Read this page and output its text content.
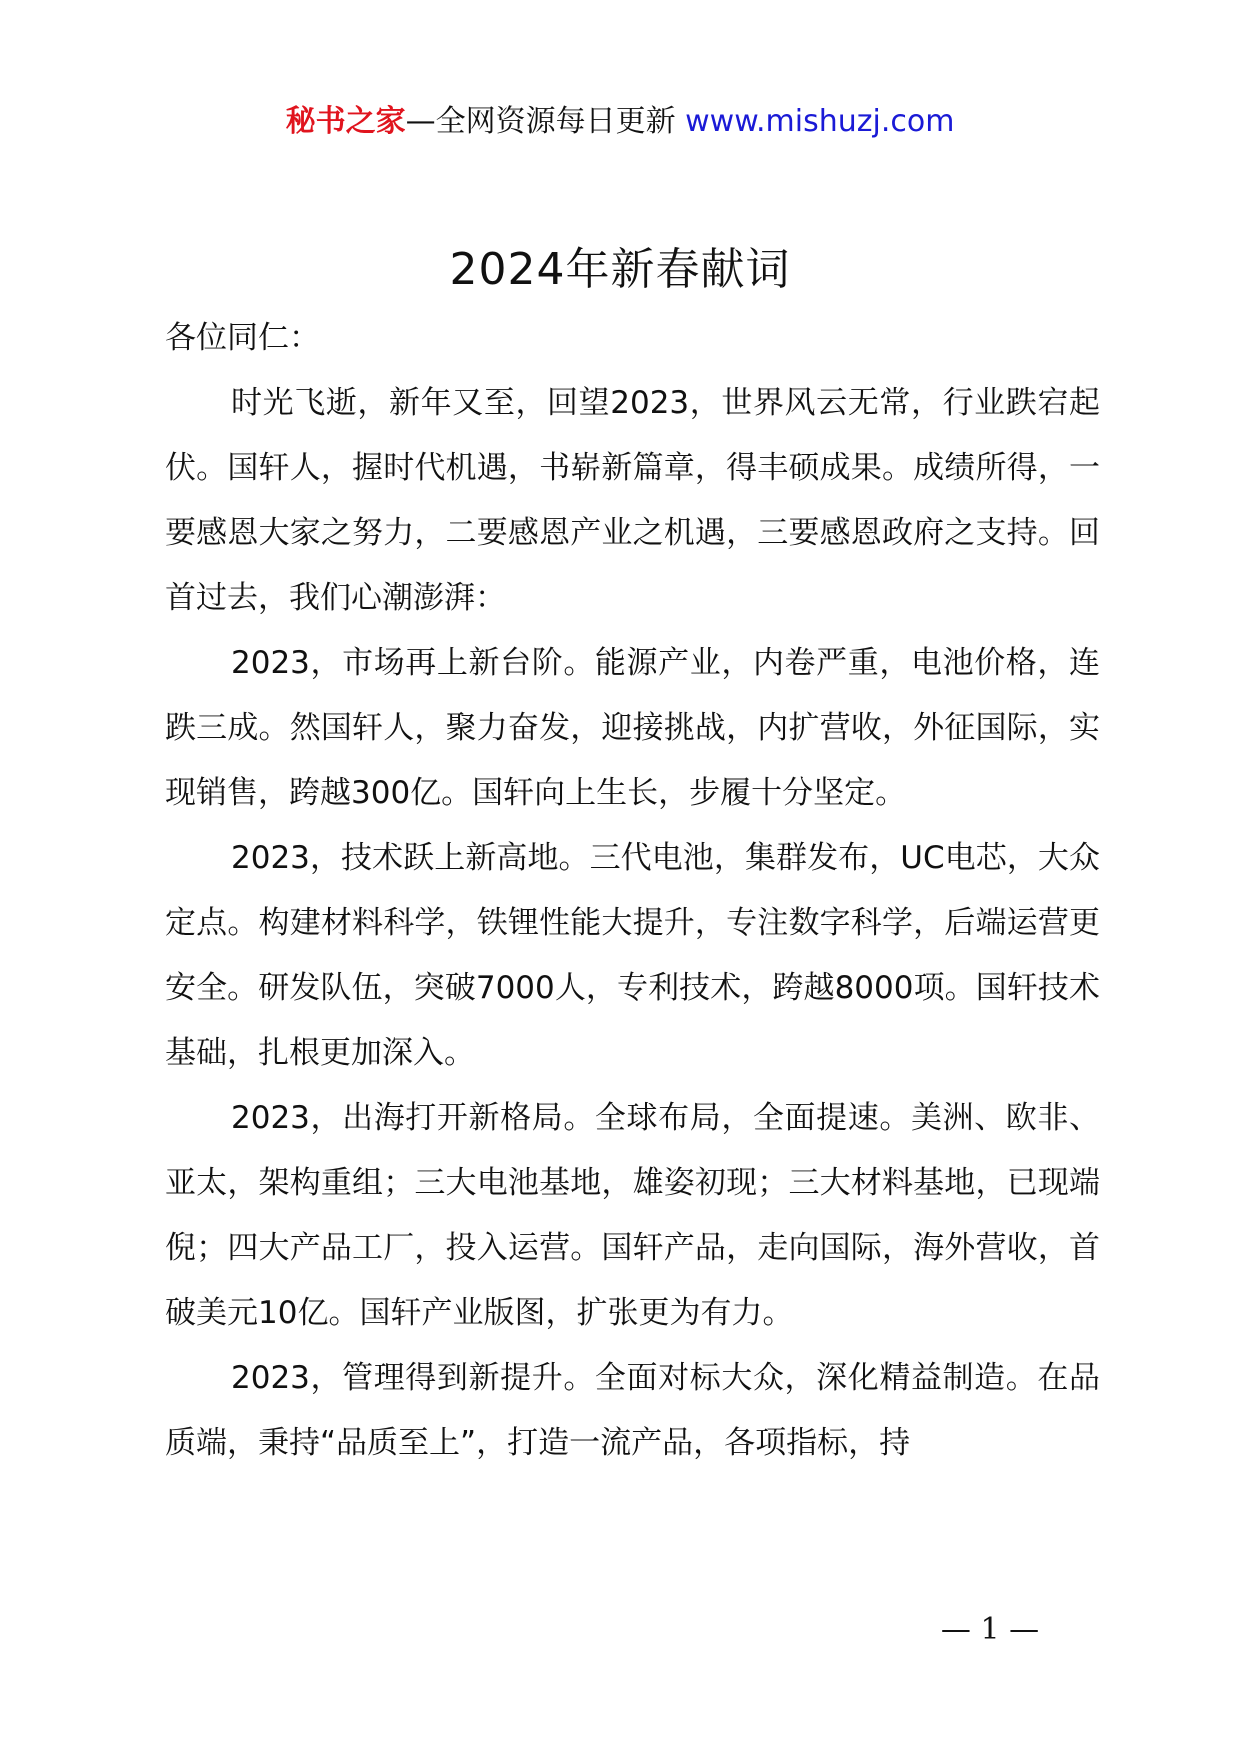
秘书之家—全网资源每日更新 www.mishuzj.com
2024年新春献词

各位同仁：

时光飞逝，新年又至，回望2023，世界风云无常，行业跌宕起伏。国轩人，握时代机遇，书崭新篇章，得丰硕成果。成绩所得，一要感恩大家之努力，二要感恩产业之机遇，三要感恩政府之支持。回首过去，我们心潮澎湃：

2023，市场再上新台阶。能源产业，内卷严重，电池价格，连跌三成。然国轩人，聚力奋发，迎接挑战，内扩营收，外征国际，实现销售，跨越300亿。国轩向上生长，步履十分坚定。

2023，技术跃上新高地。三代电池，集群发布，UC电芯，大众定点。构建材料科学，铁锂性能大提升，专注数字科学，后端运营更安全。研发队伍，突破7000人，专利技术，跨越8000项。国轩技术基础，扎根更加深入。

2023，出海打开新格局。全球布局，全面提速。美洲、欧非、亚太，架构重组；三大电池基地，雄姿初现；三大材料基地，已现端倪；四大产品工厂，投入运营。国轩产品，走向国际，海外营收，首破美元10亿。国轩产业版图，扩张更为有力。

2023，管理得到新提升。全面对标大众，深化精益制造。在品质端，秉持“品质至上”，打造一流产品，各项指标，持

— 1 —
